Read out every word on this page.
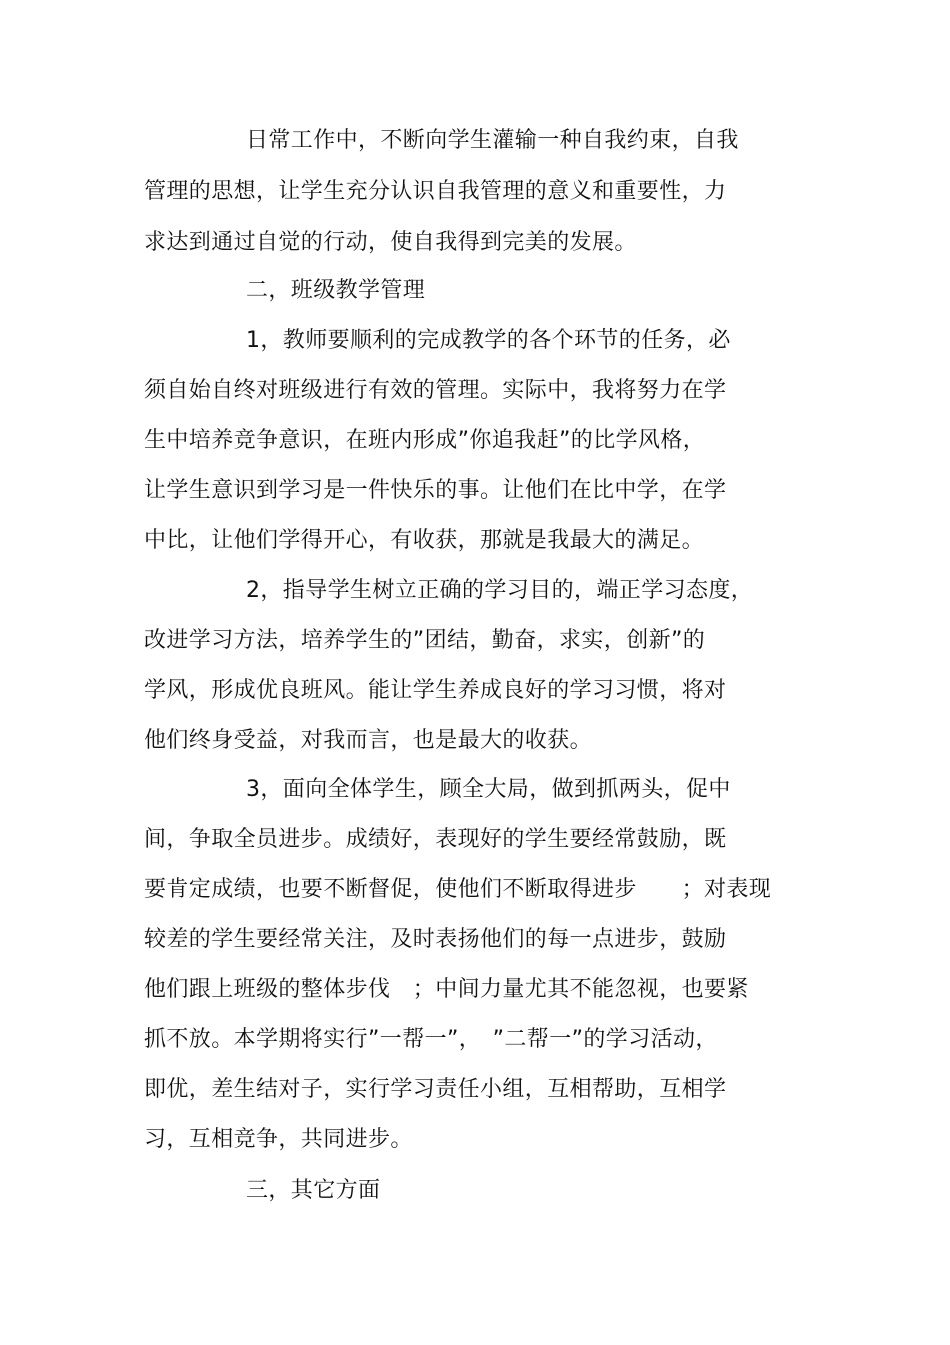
日常工作中，不断向学生灌输一种自我约束，自我
管理的思想，让学生充分认识自我管理的意义和重要性，力
求达到通过自觉的行动，使自我得到完美的发展。
二，班级教学管理
1，教师要顺利的完成教学的各个环节的任务，必
须自始自终对班级进行有效的管理。实际中，我将努力在学
生中培养竞争意识，在班内形成”你追我赶”的比学风格，
让学生意识到学习是一件快乐的事。让他们在比中学，在学
中比，让他们学得开心，有收获，那就是我最大的满足。
2，指导学生树立正确的学习目的，端正学习态度，
改进学习方法，培养学生的”团结，勤奋，求实，创新”的
学风，形成优良班风。能让学生养成良好的学习习惯，将对
他们终身受益，对我而言，也是最大的收获。
3，面向全体学生，顾全大局，做到抓两头，促中
间，争取全员进步。成绩好，表现好的学生要经常鼓励，既
要肯定成绩，也要不断督促，使他们不断取得进步　　；对表现
较差的学生要经常关注，及时表扬他们的每一点进步，鼓励
他们跟上班级的整体步伐　；中间力量尤其不能忽视，也要紧
抓不放。本学期将实行”一帮一”，　”二帮一”的学习活动，
即优，差生结对子，实行学习责任小组，互相帮助，互相学
习，互相竞争，共同进步。
三，其它方面
